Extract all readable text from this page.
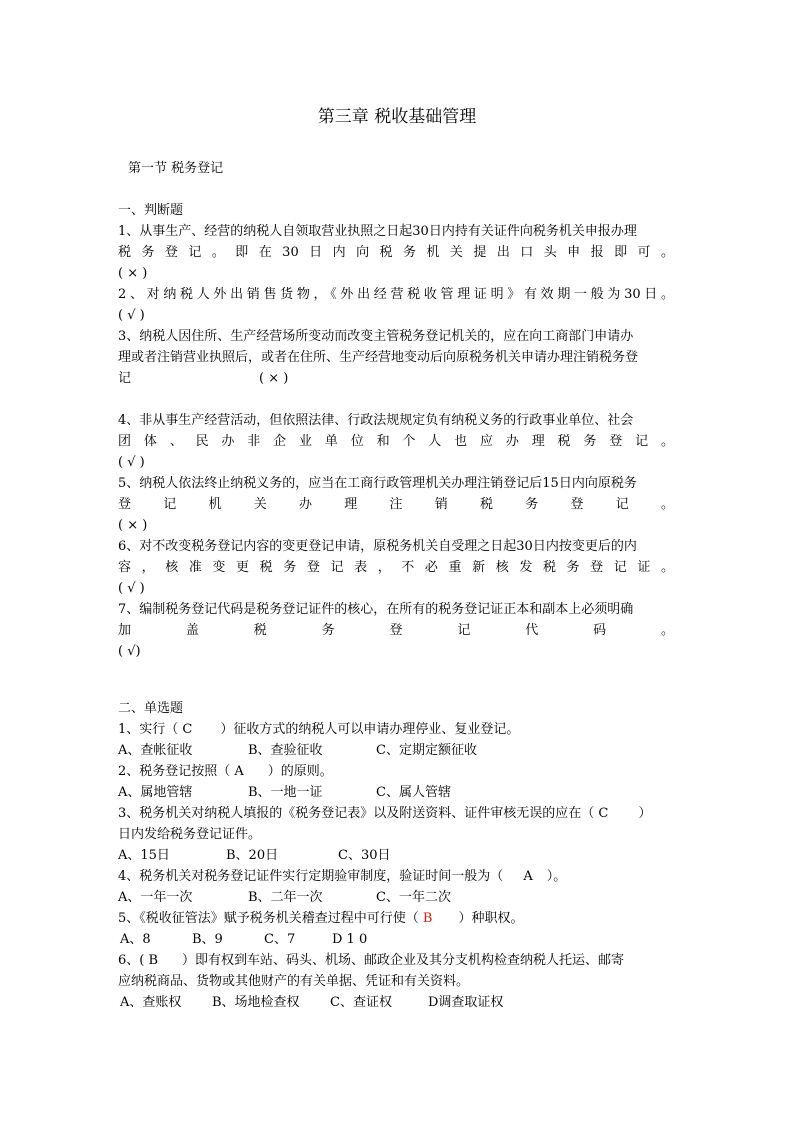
第三章 税收基础管理
第一节 税务登记
一、判断题
1、从事生产、经营的纳税人自领取营业执照之日起30日内持有关证件向税务机关申报办理
税务登记。即在30日内向税务机关提出口头申报即可。
( × )
2、对纳税人外出销售货物，《外出经营税收管理证明》有效期一般为30日。
( √ )
3、纳税人因住所、生产经营场所变动而改变主管税务登记机关的，应在向工商部门申请办
理或者注销营业执照后，或者在住所、生产经营地变动后向原税务机关申请办理注销税务登
记	( × )
4、非从事生产经营活动，但依照法律、行政法规规定负有纳税义务的行政事业单位、社会
团体、民办非企业单位和个人也应办理税务登记。
( √ )
5、纳税人依法终止纳税义务的，应当在工商行政管理机关办理注销登记后15日内向原税务
登记机关办理注销税务登记。
( × )
6、对不改变税务登记内容的变更登记申请，原税务机关自受理之日起30日内按变更后的内
容，核准变更税务登记表，不必重新核发税务登记证。
( √ )
7、编制税务登记代码是税务登记证件的核心，在所有的税务登记证正本和副本上必须明确
加盖税务登记代码。
( √)
二、单选题
1、实行（ C ）征收方式的纳税人可以申请办理停业、复业登记。
A、查帐征收	B、查验征收	C、定期定额征收
2、税务登记按照（ A ）的原则。
A、属地管辖	B、一地一证	C、属人管辖
3、税务机关对纳税人填报的《税务登记表》以及附送资料、证件审核无误的应在（ C ）
日内发给税务登记证件。
A、15日	B、20日	C、30日
4、税务机关对税务登记证件实行定期验审制度，验证时间一般为（ A ）。
A、一年一次	B、二年一次	C、一年二次
5、《税收征管法》赋予税务机关稽查过程中可行使（ B ）种职权。
A、8	B、9	C、7	D 1 0
6、( B ）即有权到车站、码头、机场、邮政企业及其分支机构检查纳税人托运、邮寄
应纳税商品、货物或其他财产的有关单据、凭证和有关资料。
A、查账权 B、场地检查权 C、查证权	D调查取证权
